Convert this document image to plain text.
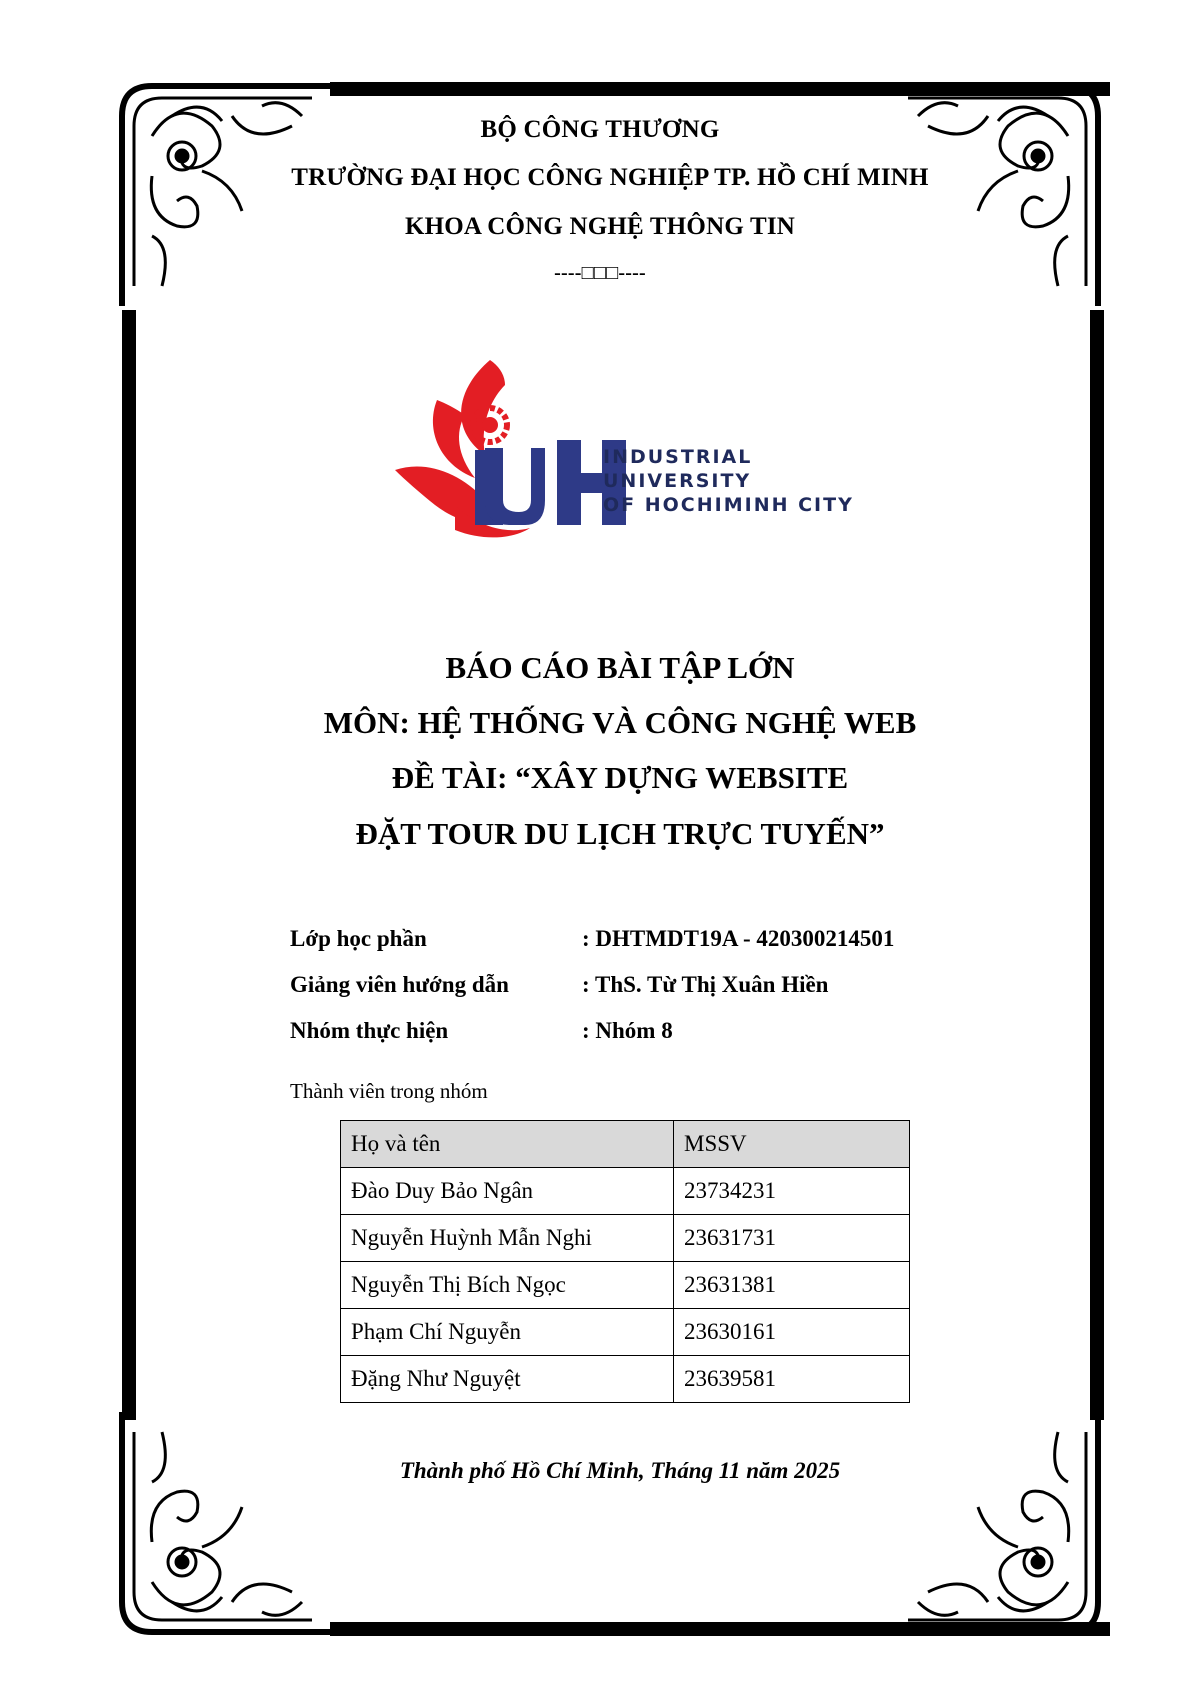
BỘ CÔNG THƯƠNG
TRƯỜNG ĐẠI HỌC CÔNG NGHIỆP TP. HỒ CHÍ MINH
KHOA CÔNG NGHỆ THÔNG TIN
----□□□----
INDUSTRIAL
UNIVERSITY
OF HOCHIMINH CITY
BÁO CÁO BÀI TẬP LỚN
MÔN: HỆ THỐNG VÀ CÔNG NGHỆ WEB
ĐỀ TÀI: “XÂY DỰNG WEBSITE
ĐẶT TOUR DU LỊCH TRỰC TUYẾN”
Lớp học phần	: DHTMDT19A - 420300214501
Giảng viên hướng dẫn	: ThS. Từ Thị Xuân Hiền
Nhóm thực hiện	: Nhóm 8
Thành viên trong nhóm
Họ và tên	MSSV
Đào Duy Bảo Ngân	23734231
Nguyễn Huỳnh Mẫn Nghi	23631731
Nguyễn Thị Bích Ngọc	23631381
Phạm Chí Nguyễn	23630161
Đặng Như Nguyệt	23639581
Thành phố Hồ Chí Minh, Tháng 11 năm 2025
